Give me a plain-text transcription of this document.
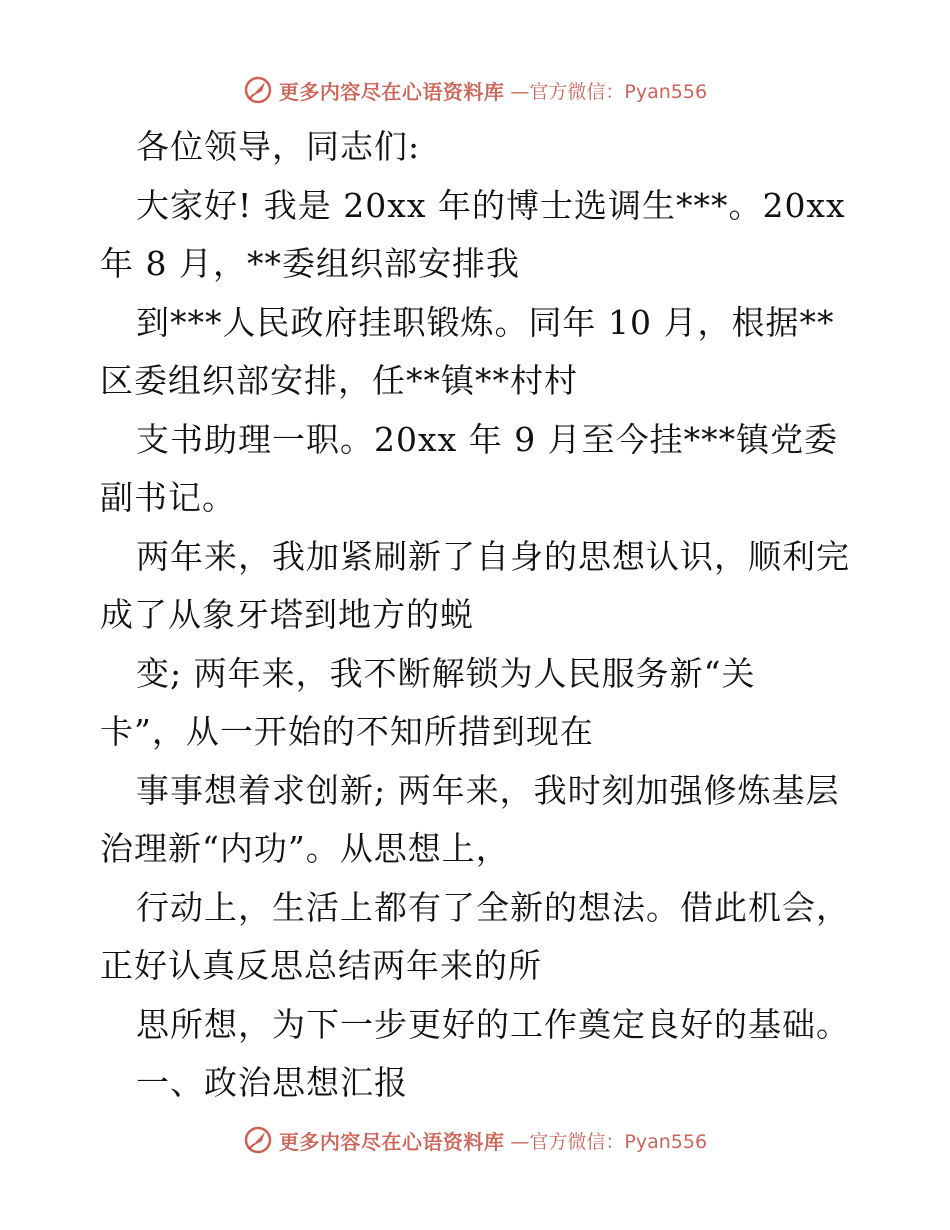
更多内容尽在心语资料库 —官方微信：Pyan556
各位领导，同志们:
大家好! 我是 20xx 年的博士选调生***。20xx
年 8 月，**委组织部安排我
到***人民政府挂职锻炼。同年 10 月，根据**
区委组织部安排，任**镇**村村
支书助理一职。20xx 年 9 月至今挂***镇党委
副书记。
两年来，我加紧刷新了自身的思想认识，顺利完
成了从象牙塔到地方的蜕
变; 两年来，我不断解锁为人民服务新“关
卡”，从一开始的不知所措到现在
事事想着求创新; 两年来，我时刻加强修炼基层
治理新“内功”。从思想上，
行动上，生活上都有了全新的想法。借此机会，
正好认真反思总结两年来的所
思所想，为下一步更好的工作奠定良好的基础。
一、政治思想汇报
更多内容尽在心语资料库 —官方微信：Pyan556
